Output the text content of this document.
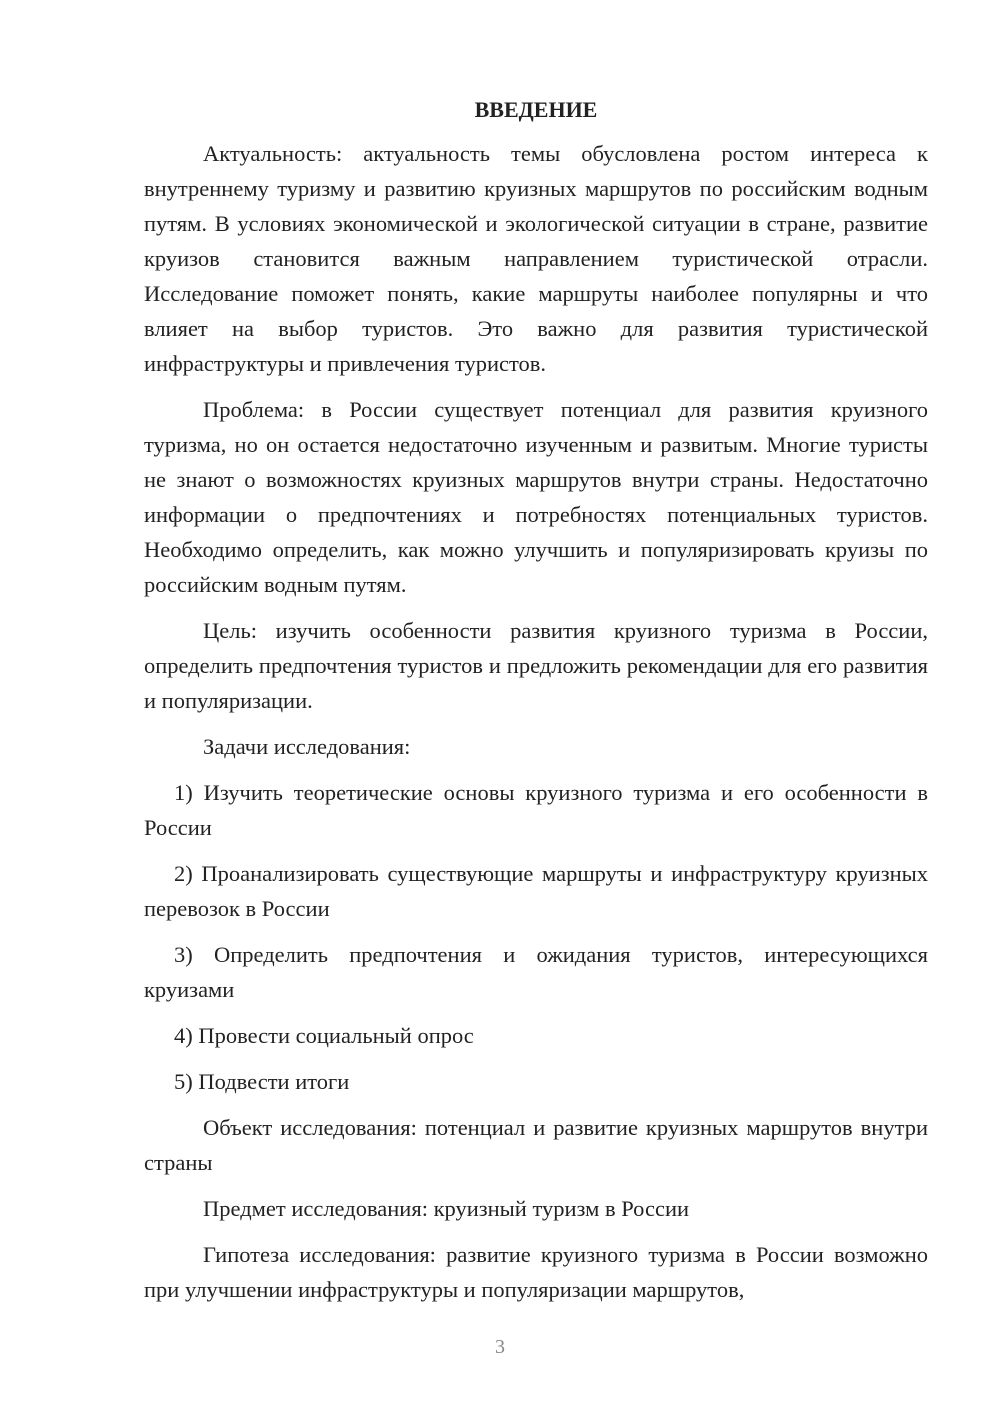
ВВЕДЕНИЕ

Актуальность: актуальность темы обусловлена ростом интереса к внутреннему туризму и развитию круизных маршрутов по российским водным путям. В условиях экономической и экологической ситуации в стране, развитие круизов становится важным направлением туристической отрасли. Исследование поможет понять, какие маршруты наиболее популярны и что влияет на выбор туристов. Это важно для развития туристической инфраструктуры и привлечения туристов.

Проблема: в России существует потенциал для развития круизного туризма, но он остается недостаточно изученным и развитым. Многие туристы не знают о возможностях круизных маршрутов внутри страны. Недостаточно информации о предпочтениях и потребностях потенциальных туристов. Необходимо определить, как можно улучшить и популяризировать круизы по российским водным путям.

Цель: изучить особенности развития круизного туризма в России, определить предпочтения туристов и предложить рекомендации для его развития и популяризации.

Задачи исследования:

1) Изучить теоретические основы круизного туризма и его особенности в России

2) Проанализировать существующие маршруты и инфраструктуру круизных перевозок в России

3) Определить предпочтения и ожидания туристов, интересующихся круизами

4) Провести социальный опрос

5) Подвести итоги

Объект исследования: потенциал и развитие круизных маршрутов внутри страны

Предмет исследования: круизный туризм в России

Гипотеза исследования: развитие круизного туризма в России возможно при улучшении инфраструктуры и популяризации маршрутов,

3
